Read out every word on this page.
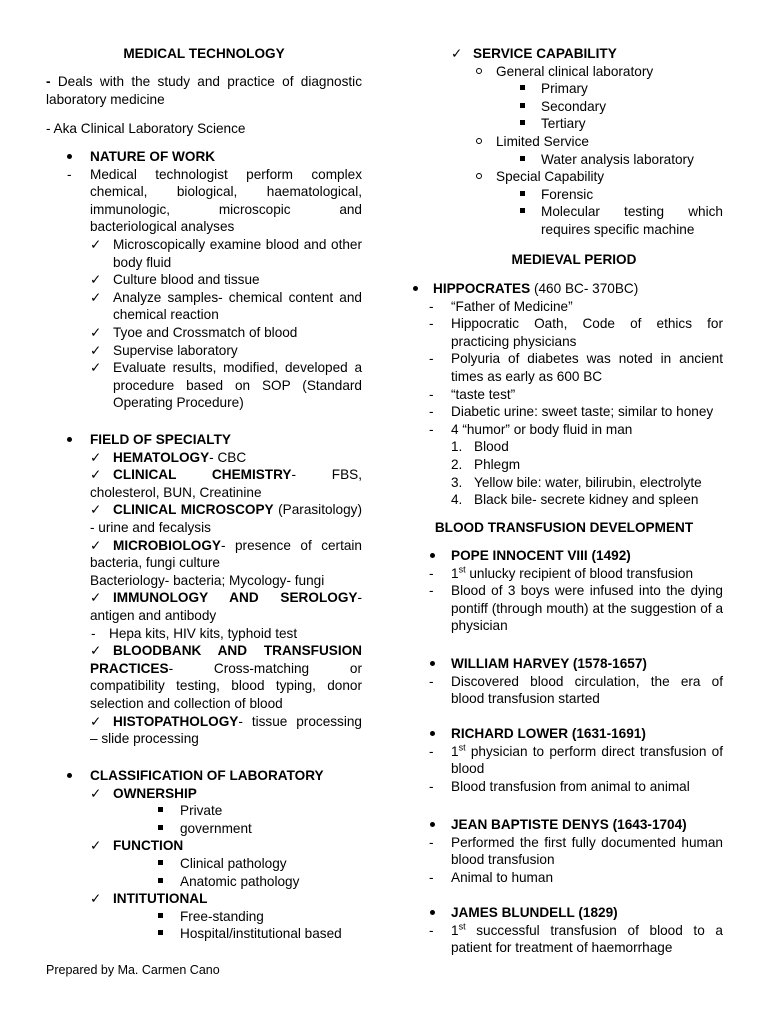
MEDICAL TECHNOLOGY
- Deals with the study and practice of diagnostic laboratory medicine
- Aka Clinical Laboratory Science
NATURE OF WORK
- Medical technologist perform complex chemical, biological, haematological, immunologic, microscopic and bacteriological analyses
✓ Microscopically examine blood and other body fluid
✓ Culture blood and tissue
✓ Analyze samples- chemical content and chemical reaction
✓ Tyoe and Crossmatch of blood
✓ Supervise laboratory
✓ Evaluate results, modified, developed a procedure based on SOP (Standard Operating Procedure)
FIELD OF SPECIALTY
✓ HEMATOLOGY- CBC
✓ CLINICAL CHEMISTRY- FBS, cholesterol, BUN, Creatinine
✓ CLINICAL MICROSCOPY (Parasitology) - urine and fecalysis
✓ MICROBIOLOGY- presence of certain bacteria, fungi culture
Bacteriology- bacteria; Mycology- fungi
✓ IMMUNOLOGY AND SEROLOGY- antigen and antibody
- Hepa kits, HIV kits, typhoid test
✓ BLOODBANK AND TRANSFUSION PRACTICES- Cross-matching or compatibility testing, blood typing, donor selection and collection of blood
✓ HISTOPATHOLOGY- tissue processing – slide processing
CLASSIFICATION OF LABORATORY
✓ OWNERSHIP
Private
government
✓ FUNCTION
Clinical pathology
Anatomic pathology
✓ INTITUTIONAL
Free-standing
Hospital/institutional based
✓ SERVICE CAPABILITY
General clinical laboratory
Primary
Secondary
Tertiary
Limited Service
Water analysis laboratory
Special Capability
Forensic
Molecular testing which requires specific machine
MEDIEVAL PERIOD
HIPPOCRATES (460 BC- 370BC)
- “Father of Medicine”
- Hippocratic Oath, Code of ethics for practicing physicians
- Polyuria of diabetes was noted in ancient times as early as 600 BC
- “taste test”
- Diabetic urine: sweet taste; similar to honey
- 4 “humor” or body fluid in man
1. Blood
2. Phlegm
3. Yellow bile: water, bilirubin, electrolyte
4. Black bile- secrete kidney and spleen
BLOOD TRANSFUSION DEVELOPMENT
POPE INNOCENT VIII (1492)
- 1st unlucky recipient of blood transfusion
- Blood of 3 boys were infused into the dying pontiff (through mouth) at the suggestion of a physician
WILLIAM HARVEY (1578-1657)
- Discovered blood circulation, the era of blood transfusion started
RICHARD LOWER (1631-1691)
- 1st physician to perform direct transfusion of blood
- Blood transfusion from animal to animal
JEAN BAPTISTE DENYS (1643-1704)
- Performed the first fully documented human blood transfusion
- Animal to human
JAMES BLUNDELL (1829)
- 1st successful transfusion of blood to a patient for treatment of haemorrhage
Prepared by Ma. Carmen Cano
